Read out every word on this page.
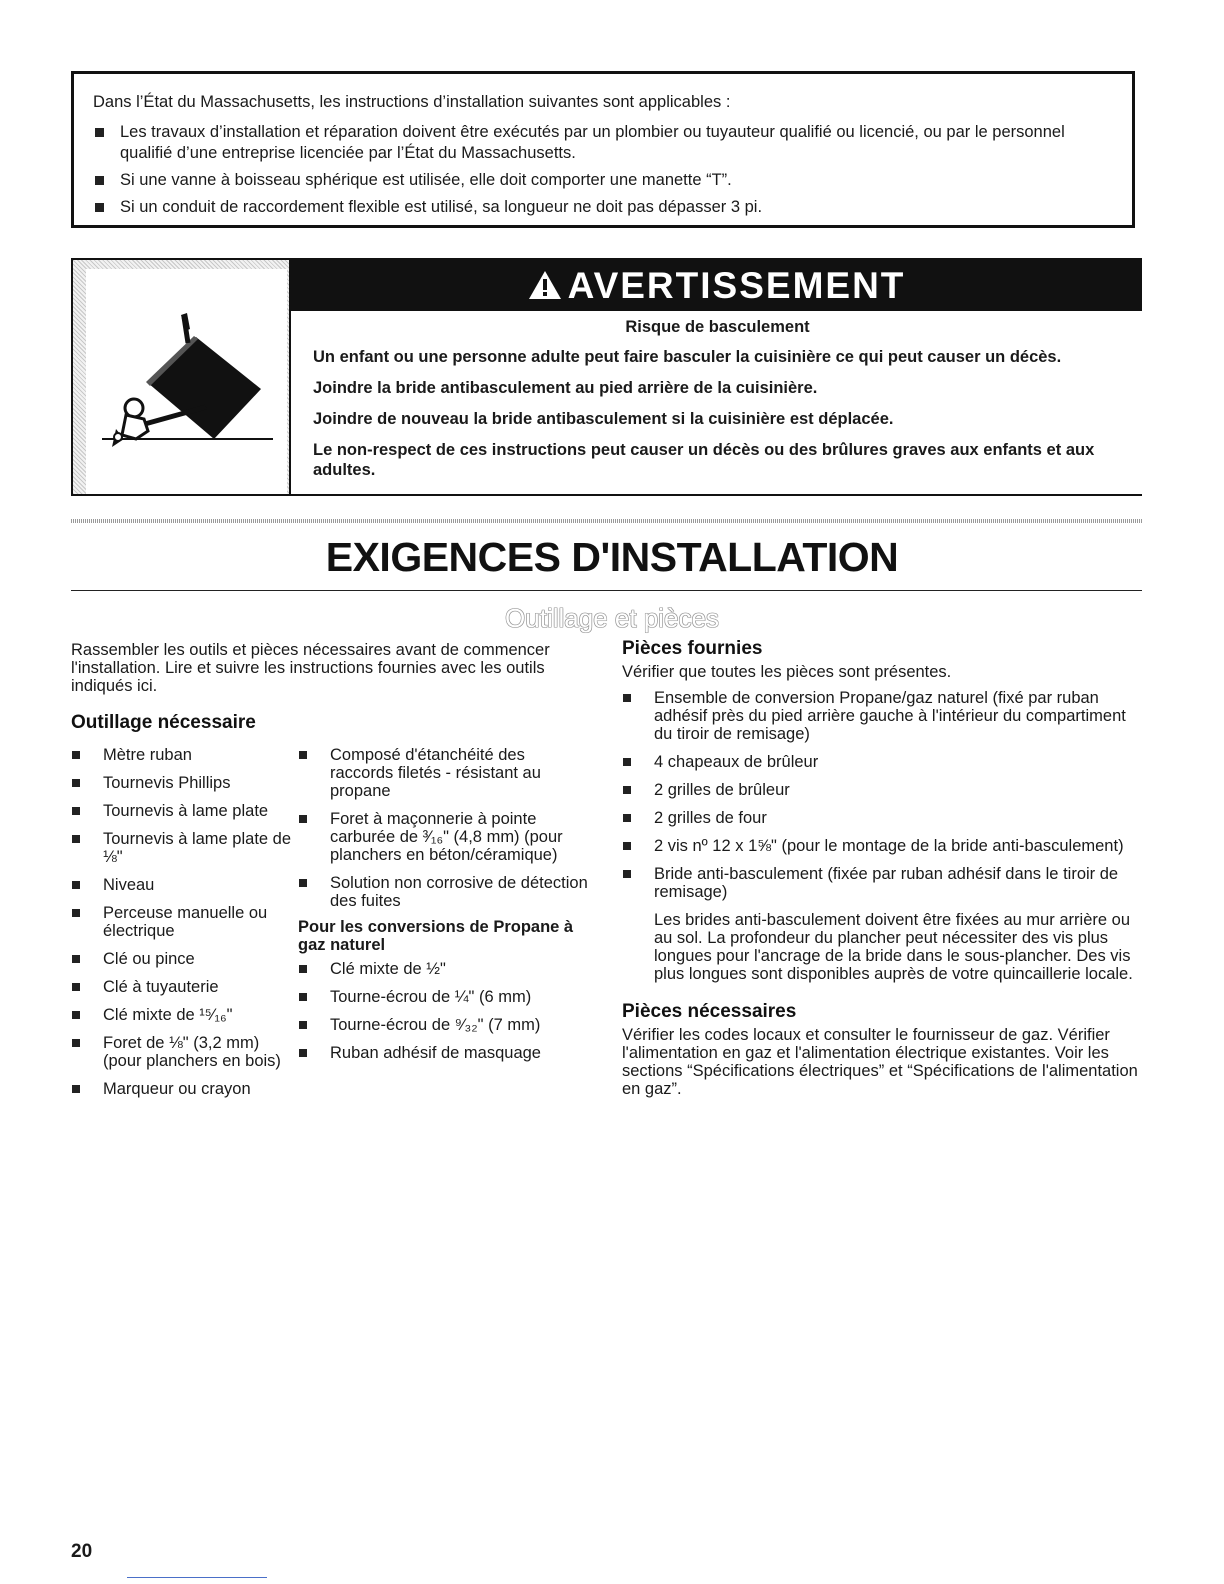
Dans l’État du Massachusetts, les instructions d’installation suivantes sont applicables :

Les travaux d’installation et réparation doivent être exécutés par un plombier ou tuyauteur qualifié ou licencié, ou par le personnel qualifié d’une entreprise licenciée par l’État du Massachusetts.
Si une vanne à boisseau sphérique est utilisée, elle doit comporter une manette “T”.
Si un conduit de raccordement flexible est utilisé, sa longueur ne doit pas dépasser 3 pi.
AVERTISSEMENT

Risque de basculement

Un enfant ou une personne adulte peut faire basculer la cuisinière ce qui peut causer un décès.

Joindre la bride antibasculement au pied arrière de la cuisinière.

Joindre de nouveau la bride antibasculement si la cuisinière est déplacée.

Le non-respect de ces instructions peut causer un décès ou des brûlures graves aux enfants et aux adultes.

EXIGENCES D'INSTALLATION
Outillage et pièces

Rassembler les outils et pièces nécessaires avant de commencer l'installation. Lire et suivre les instructions fournies avec les outils indiqués ici.

Outillage nécessaire
Mètre ruban
Tournevis Phillips
Tournevis à lame plate
Tournevis à lame plate de ⅛"
Niveau
Perceuse manuelle ou électrique
Clé ou pince
Clé à tuyauterie
Clé mixte de ¹⁵⁄₁₆"
Foret de ⅛" (3,2 mm) (pour planchers en bois)
Marqueur ou crayon
Composé d'étanchéité des raccords filetés - résistant au propane
Foret à maçonnerie à pointe carburée de ³⁄₁₆" (4,8 mm) (pour planchers en béton/céramique)
Solution non corrosive de détection des fuites
Pour les conversions de Propane à gaz naturel
Clé mixte de ½"
Tourne-écrou de ¼" (6 mm)
Tourne-écrou de ⁹⁄₃₂" (7 mm)
Ruban adhésif de masquage
Pièces fournies

Vérifier que toutes les pièces sont présentes.

Ensemble de conversion Propane/gaz naturel (fixé par ruban adhésif près du pied arrière gauche à l'intérieur du compartiment du tiroir de remisage)
4 chapeaux de brûleur
2 grilles de brûleur
2 grilles de four
2 vis nº 12 x 1⅝" (pour le montage de la bride anti-basculement)
Bride anti-basculement (fixée par ruban adhésif dans le tiroir de remisage)

Les brides anti-basculement doivent être fixées au mur arrière ou au sol. La profondeur du plancher peut nécessiter des vis plus longues pour l'ancrage de la bride dans le sous-plancher. Des vis plus longues sont disponibles auprès de votre quincaillerie locale.

Pièces nécessaires

Vérifier les codes locaux et consulter le fournisseur de gaz. Vérifier l'alimentation en gaz et l'alimentation électrique existantes. Voir les sections “Spécifications électriques” et “Spécifications de l'alimentation en gaz”.

20
